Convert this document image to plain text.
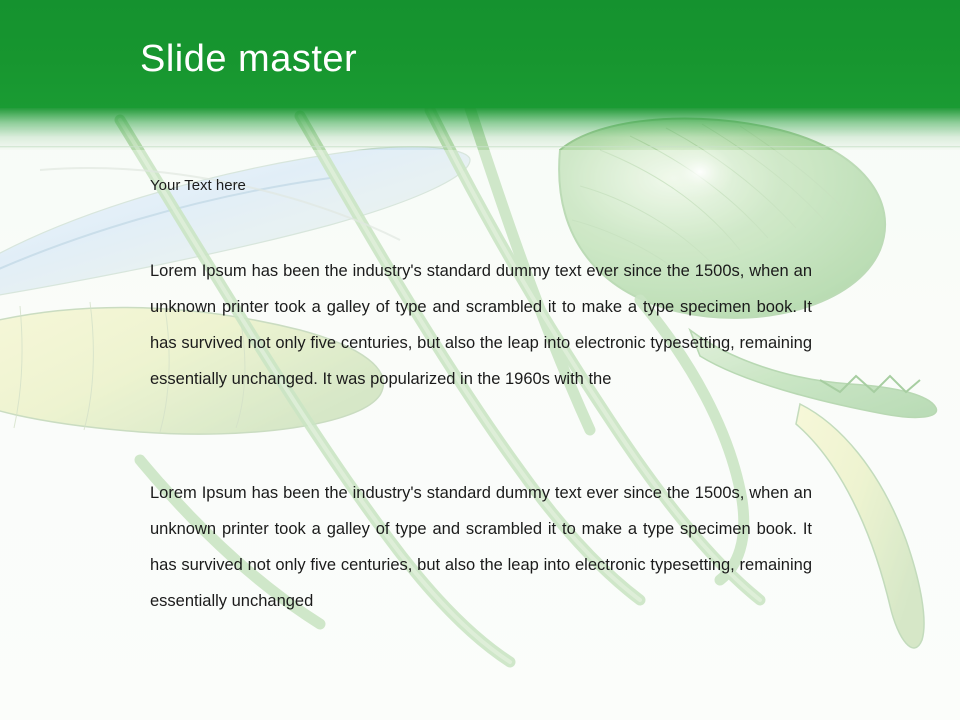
Slide master
Your Text here
Lorem Ipsum has been the industry's standard dummy text ever since the 1500s, when an unknown printer took a galley of type and scrambled it to make a type specimen book. It has survived not only five centuries, but also the leap into electronic typesetting, remaining essentially unchanged. It was popularized in the 1960s with the
Lorem Ipsum has been the industry's standard dummy text ever since the 1500s, when an unknown printer took a galley of type and scrambled it to make a type specimen book. It has survived not only five centuries, but also the leap into electronic typesetting, remaining essentially unchanged
